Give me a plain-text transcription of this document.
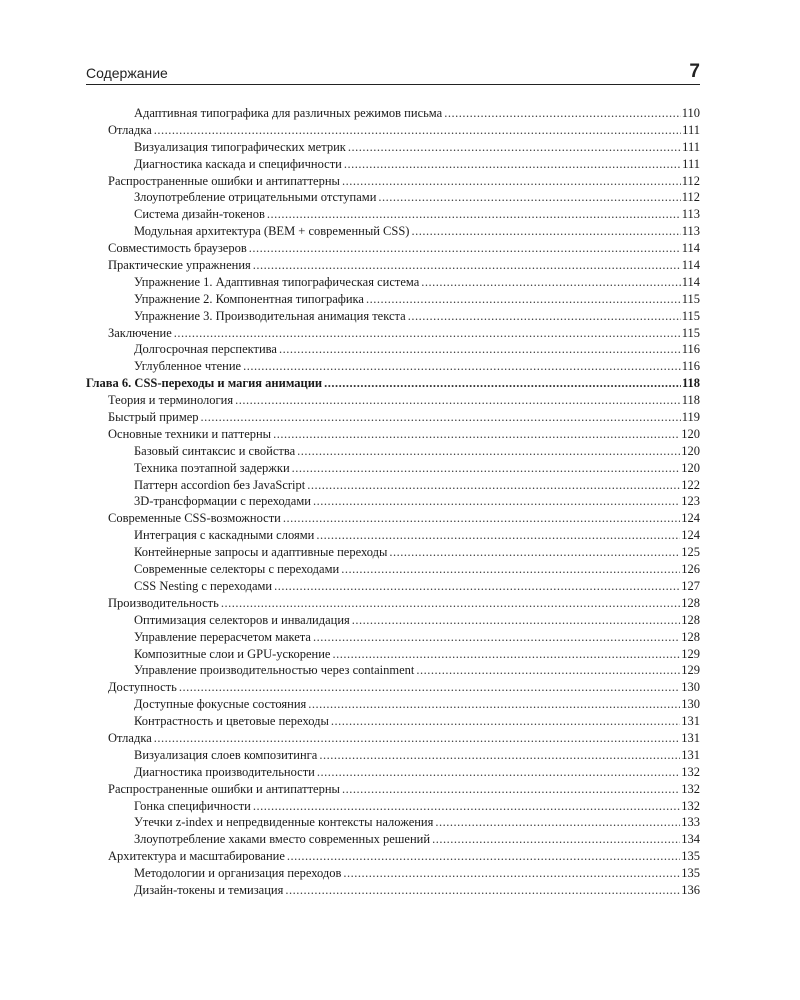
Содержание	7
Адаптивная типографика для различных режимов письма .....	110
Отладка .....	111
Визуализация типографических метрик .....	111
Диагностика каскада и специфичности .....	111
Распространенные ошибки и антипаттерны .....	112
Злоупотребление отрицательными отступами .....	112
Система дизайн-токенов .....	113
Модульная архитектура (BEM + современный CSS) .....	113
Совместимость браузеров .....	114
Практические упражнения .....	114
Упражнение 1. Адаптивная типографическая система .....	114
Упражнение 2. Компонентная типографика .....	115
Упражнение 3. Производительная анимация текста .....	115
Заключение .....	115
Долгосрочная перспектива .....	116
Углубленное чтение .....	116
Глава 6. CSS-переходы и магия анимации .....	118
Теория и терминология .....	118
Быстрый пример .....	119
Основные техники и паттерны .....	120
Базовый синтаксис и свойства .....	120
Техника поэтапной задержки .....	120
Паттерн accordion без JavaScript .....	122
3D-трансформации с переходами .....	123
Современные CSS-возможности .....	124
Интеграция с каскадными слоями .....	124
Контейнерные запросы и адаптивные переходы .....	125
Современные селекторы с переходами .....	126
CSS Nesting с переходами .....	127
Производительность .....	128
Оптимизация селекторов и инвалидация .....	128
Управление перерасчетом макета .....	128
Композитные слои и GPU-ускорение .....	129
Управление производительностью через containment .....	129
Доступность .....	130
Доступные фокусные состояния .....	130
Контрастность и цветовые переходы .....	131
Отладка .....	131
Визуализация слоев композитинга .....	131
Диагностика производительности .....	132
Распространенные ошибки и антипаттерны .....	132
Гонка специфичности .....	132
Утечки z-index и непредвиденные контексты наложения .....	133
Злоупотребление хаками вместо современных решений .....	134
Архитектура и масштабирование .....	135
Методологии и организация переходов .....	135
Дизайн-токены и темизация .....	136
